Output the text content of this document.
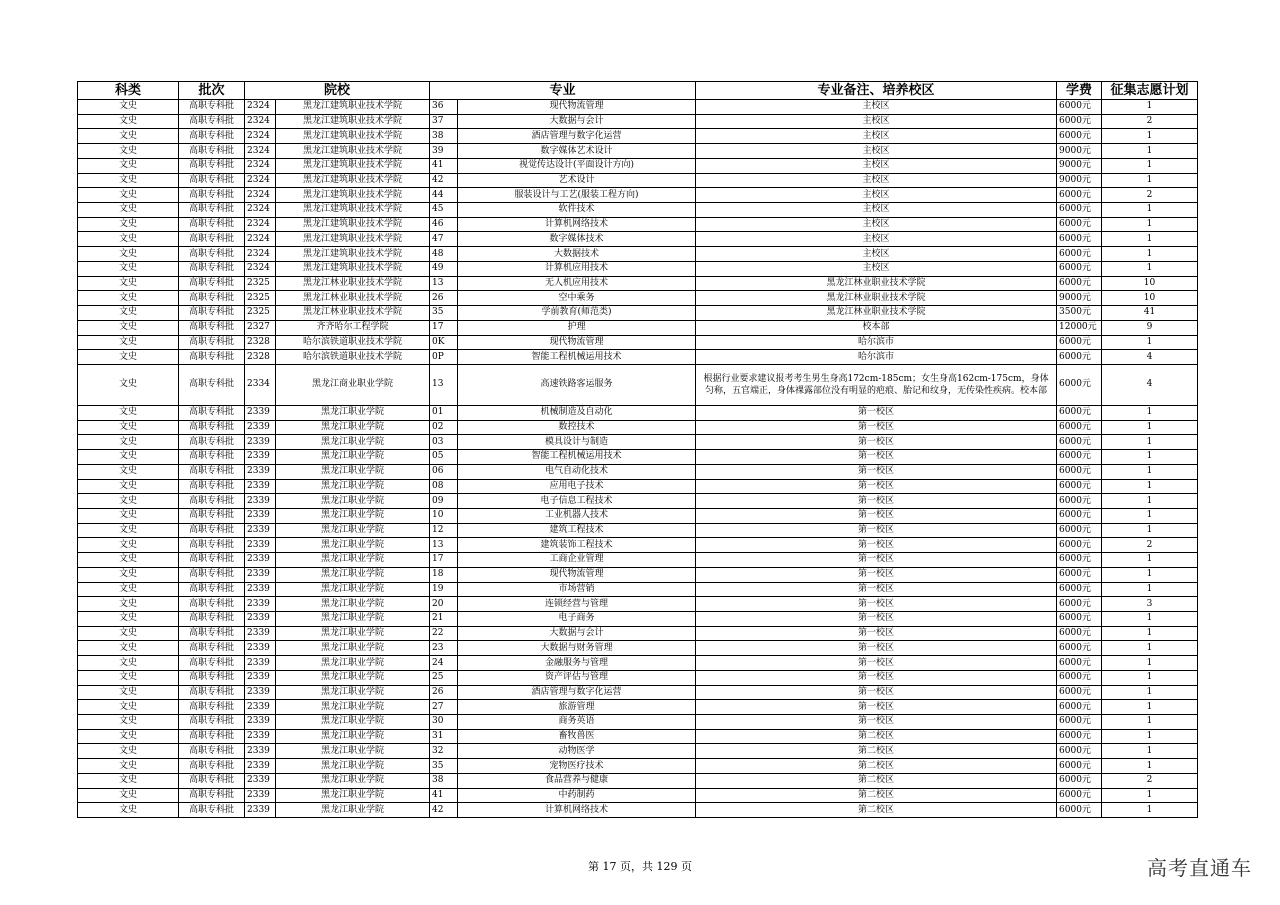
科类	批次	院校		专业		专业备注、培养校区	学费	征集志愿计划
文史	高职专科批	2324	黑龙江建筑职业技术学院	36	现代物流管理	主校区	6000元	1
文史	高职专科批	2324	黑龙江建筑职业技术学院	37	大数据与会计	主校区	6000元	2
文史	高职专科批	2324	黑龙江建筑职业技术学院	38	酒店管理与数字化运营	主校区	6000元	1
文史	高职专科批	2324	黑龙江建筑职业技术学院	39	数字媒体艺术设计	主校区	9000元	1
文史	高职专科批	2324	黑龙江建筑职业技术学院	41	视觉传达设计(平面设计方向)	主校区	9000元	1
文史	高职专科批	2324	黑龙江建筑职业技术学院	42	艺术设计	主校区	9000元	1
文史	高职专科批	2324	黑龙江建筑职业技术学院	44	服装设计与工艺(服装工程方向)	主校区	6000元	2
文史	高职专科批	2324	黑龙江建筑职业技术学院	45	软件技术	主校区	6000元	1
文史	高职专科批	2324	黑龙江建筑职业技术学院	46	计算机网络技术	主校区	6000元	1
文史	高职专科批	2324	黑龙江建筑职业技术学院	47	数字媒体技术	主校区	6000元	1
文史	高职专科批	2324	黑龙江建筑职业技术学院	48	大数据技术	主校区	6000元	1
文史	高职专科批	2324	黑龙江建筑职业技术学院	49	计算机应用技术	主校区	6000元	1
文史	高职专科批	2325	黑龙江林业职业技术学院	13	无人机应用技术	黑龙江林业职业技术学院	6000元	10
文史	高职专科批	2325	黑龙江林业职业技术学院	26	空中乘务	黑龙江林业职业技术学院	9000元	10
文史	高职专科批	2325	黑龙江林业职业技术学院	35	学前教育(师范类)	黑龙江林业职业技术学院	3500元	41
文史	高职专科批	2327	齐齐哈尔工程学院	17	护理	校本部	12000元	9
文史	高职专科批	2328	哈尔滨铁道职业技术学院	0K	现代物流管理	哈尔滨市	6000元	1
文史	高职专科批	2328	哈尔滨铁道职业技术学院	0P	智能工程机械运用技术	哈尔滨市	6000元	4
文史	高职专科批	2334	黑龙江商业职业学院	13	高速铁路客运服务	根据行业要求建议报考考生男生身高172cm-185cm；女生身高162cm-175cm，身体匀称，五官端正，身体裸露部位没有明显的疤痕、胎记和纹身，无传染性疾病。校本部	6000元	4
文史	高职专科批	2339	黑龙江职业学院	01	机械制造及自动化	第一校区	6000元	1
文史	高职专科批	2339	黑龙江职业学院	02	数控技术	第一校区	6000元	1
文史	高职专科批	2339	黑龙江职业学院	03	模具设计与制造	第一校区	6000元	1
文史	高职专科批	2339	黑龙江职业学院	05	智能工程机械运用技术	第一校区	6000元	1
文史	高职专科批	2339	黑龙江职业学院	06	电气自动化技术	第一校区	6000元	1
文史	高职专科批	2339	黑龙江职业学院	08	应用电子技术	第一校区	6000元	1
文史	高职专科批	2339	黑龙江职业学院	09	电子信息工程技术	第一校区	6000元	1
文史	高职专科批	2339	黑龙江职业学院	10	工业机器人技术	第一校区	6000元	1
文史	高职专科批	2339	黑龙江职业学院	12	建筑工程技术	第一校区	6000元	1
文史	高职专科批	2339	黑龙江职业学院	13	建筑装饰工程技术	第一校区	6000元	2
文史	高职专科批	2339	黑龙江职业学院	17	工商企业管理	第一校区	6000元	1
文史	高职专科批	2339	黑龙江职业学院	18	现代物流管理	第一校区	6000元	1
文史	高职专科批	2339	黑龙江职业学院	19	市场营销	第一校区	6000元	1
文史	高职专科批	2339	黑龙江职业学院	20	连锁经营与管理	第一校区	6000元	3
文史	高职专科批	2339	黑龙江职业学院	21	电子商务	第一校区	6000元	1
文史	高职专科批	2339	黑龙江职业学院	22	大数据与会计	第一校区	6000元	1
文史	高职专科批	2339	黑龙江职业学院	23	大数据与财务管理	第一校区	6000元	1
文史	高职专科批	2339	黑龙江职业学院	24	金融服务与管理	第一校区	6000元	1
文史	高职专科批	2339	黑龙江职业学院	25	资产评估与管理	第一校区	6000元	1
文史	高职专科批	2339	黑龙江职业学院	26	酒店管理与数字化运营	第一校区	6000元	1
文史	高职专科批	2339	黑龙江职业学院	27	旅游管理	第一校区	6000元	1
文史	高职专科批	2339	黑龙江职业学院	30	商务英语	第一校区	6000元	1
文史	高职专科批	2339	黑龙江职业学院	31	畜牧兽医	第二校区	6000元	1
文史	高职专科批	2339	黑龙江职业学院	32	动物医学	第二校区	6000元	1
文史	高职专科批	2339	黑龙江职业学院	35	宠物医疗技术	第二校区	6000元	1
文史	高职专科批	2339	黑龙江职业学院	38	食品营养与健康	第二校区	6000元	2
文史	高职专科批	2339	黑龙江职业学院	41	中药制药	第二校区	6000元	1
文史	高职专科批	2339	黑龙江职业学院	42	计算机网络技术	第二校区	6000元	1
第 17 页，共 129 页	高考直通车
